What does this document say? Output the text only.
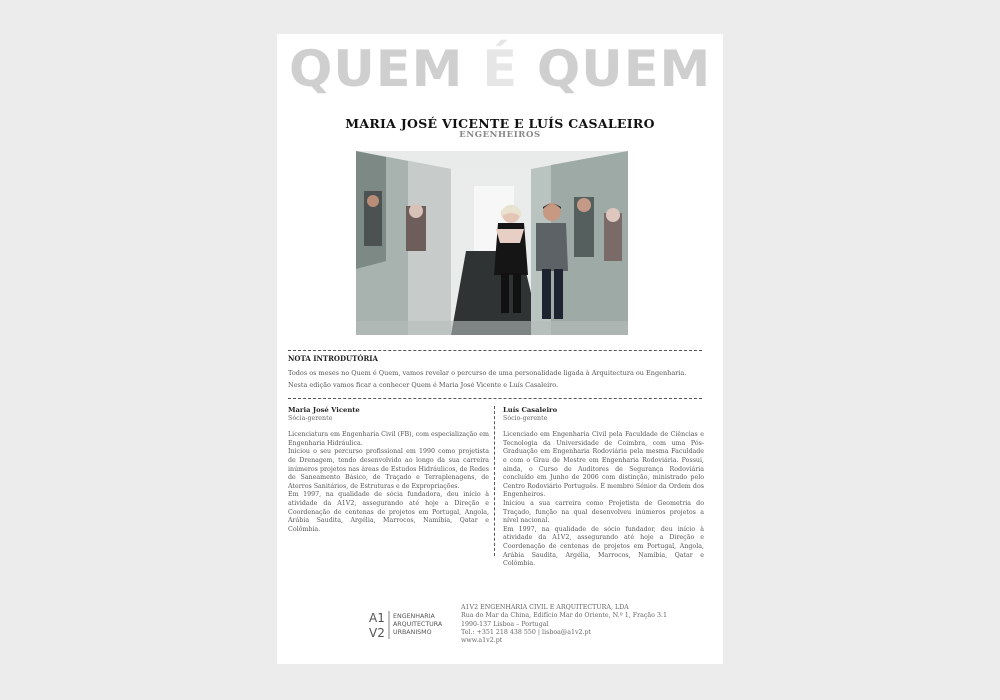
QUEM É QUEM
MARIA JOSÉ VICENTE E LUÍS CASALEIRO
ENGENHEIROS
NOTA INTRODUTÓRIA
Todos os meses no Quem é Quem, vamos revelar o percurso de uma personalidade ligada à Arquitectura ou Engenharia.
Nesta edição vamos ficar a conhecer Quem é Maria José Vicente e Luís Casaleiro.
Maria José Vicente
Sócia-gerente

Licenciatura em Engenharia Civil (FB), com especialização em Engenharia Hidráulica.

Iniciou o seu percurso profissional em 1990 como projetista de Drenagem, tendo desenvolvido ao longo da sua carreira inúmeros projetos nas áreas de Estudos Hidráulicos, de Redes de Saneamento Básico, de Traçado e Terraplenagens, de Aterros Sanitários, de Estruturas e de Expropriações.

Em 1997, na qualidade de sócia fundadora, deu início à atividade da A1V2, assegurando até hoje a Direção e Coordenação de centenas de projetos em Portugal, Angola, Arábia Saudita, Argélia, Marrocos, Namíbia, Qatar e Colômbia.

Luís Casaleiro
Sócio-gerente

Licenciado em Engenharia Civil pela Faculdade de Ciências e Tecnologia da Universidade de Coimbra, com uma Pós-Graduação em Engenharia Rodoviária pela mesma Faculdade e com o Grau de Mestre em Engenharia Rodoviária. Possui, ainda, o Curso de Auditores de Segurança Rodoviária concluído em Junho de 2006 com distinção, ministrado pelo Centro Rodoviário Português. É membro Sénior da Ordem dos Engenheiros.

Iniciou a sua carreira como Projetista de Geometria do Traçado, função na qual desenvolveu inúmeros projetos a nível nacional.

Em 1997, na qualidade de sócio fundador, deu início à atividade da A1V2, assegurando até hoje a Direção e Coordenação de centenas de projetos em Portugal, Angola, Arábia Saudita, Argélia, Marrocos, Namíbia, Qatar e Colômbia.

A1
V2
ENGENHARIA
ARQUITECTURA
URBANISMO
A1V2 ENGENHARIA CIVIL E ARQUITECTURA, LDA
Rua do Mar da China, Edifício Mar do Oriente, N.º 1, Fração 3.1
1990-137 Lisboa – Portugal
Tel.: +351 218 438 550 | lisboa@a1v2.pt
www.a1v2.pt
